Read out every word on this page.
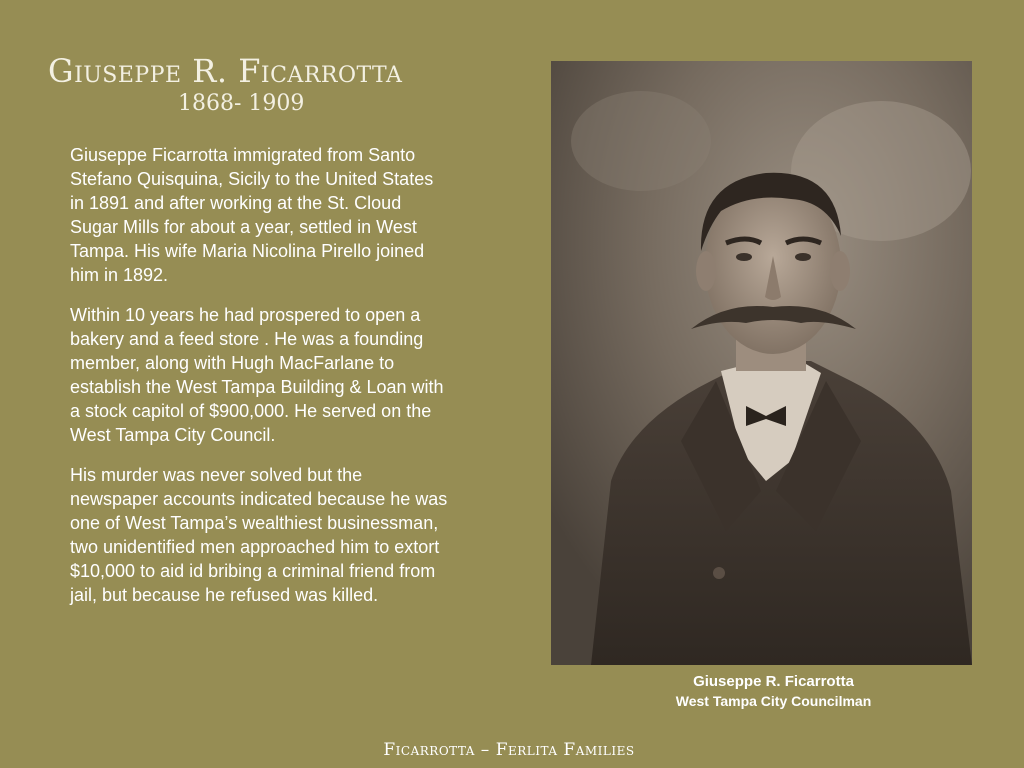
Giuseppe R. Ficarrotta
1868- 1909

Giuseppe Ficarrotta immigrated from Santo Stefano Quisquina, Sicily to the United States in 1891 and after working at the St. Cloud Sugar Mills for about a year, settled in West Tampa. His wife Maria Nicolina Pirello joined him in 1892.

Within 10 years he had prospered to open a bakery and a feed store . He was a founding member, along with Hugh MacFarlane to establish the West Tampa Building & Loan with a stock capitol of $900,000. He served on the West Tampa City Council.

His murder was never solved but the newspaper accounts indicated because he was one of West Tampa’s wealthiest businessman, two unidentified men approached him to extort $10,000 to aid id bribing a criminal friend from jail, but because he refused was killed.

Giuseppe R. Ficarrotta
West Tampa City Councilman
Ficarrotta – Ferlita Families
